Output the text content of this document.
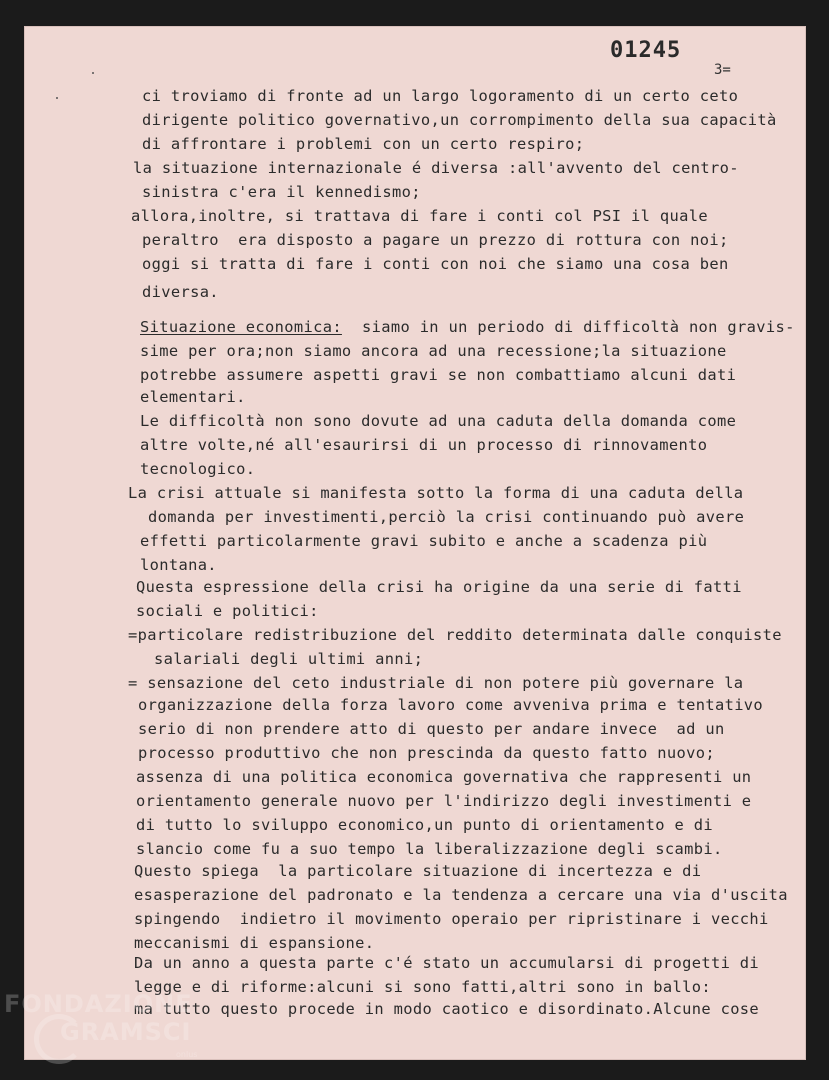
01245
3=
ci troviamo di fronte ad un largo logoramento di un certo ceto
dirigente politico governativo,un corrompimento della sua capacità
di affrontare i problemi con un certo respiro;
la situazione internazionale é diversa :all'avvento del centro-
sinistra c'era il kennedismo;
allora,inoltre, si trattava di fare i conti col PSI il quale
peraltro  era disposto a pagare un prezzo di rottura con noi;
oggi si tratta di fare i conti con noi che siamo una cosa ben
diversa.
Situazione economica: siamo in un periodo di difficoltà non gravis-
sime per ora;non siamo ancora ad una recessione;la situazione
potrebbe assumere aspetti gravi se non combattiamo alcuni dati
elementari.
Le difficoltà non sono dovute ad una caduta della domanda come
altre volte,né all'esaurirsi di un processo di rinnovamento
tecnologico.
La crisi attuale si manifesta sotto la forma di una caduta della
domanda per investimenti,perciò la crisi continuando può avere
effetti particolarmente gravi subito e anche a scadenza più
lontana.
Questa espressione della crisi ha origine da una serie di fatti
sociali e politici:
=particolare redistribuzione del reddito determinata dalle conquiste
salariali degli ultimi anni;
= sensazione del ceto industriale di non potere più governare la
organizzazione della forza lavoro come avveniva prima e tentativo
serio di non prendere atto di questo per andare invece  ad un
processo produttivo che non prescinda da questo fatto nuovo;
assenza di una politica economica governativa che rappresenti un
orientamento generale nuovo per l'indirizzo degli investimenti e
di tutto lo sviluppo economico,un punto di orientamento e di
slancio come fu a suo tempo la liberalizzazione degli scambi.
Questo spiega  la particolare situazione di incertezza e di
esasperazione del padronato e la tendenza a cercare una via d'uscita
spingendo  indietro il movimento operaio per ripristinare i vecchi
meccanismi di espansione.
Da un anno a questa parte c'é stato un accumularsi di progetti di
legge e di riforme:alcuni si sono fatti,altri sono in ballo:
ma tutto questo procede in modo caotico e disordinato.Alcune cose
FONDAZIONE
GRAMSCI
onlus
